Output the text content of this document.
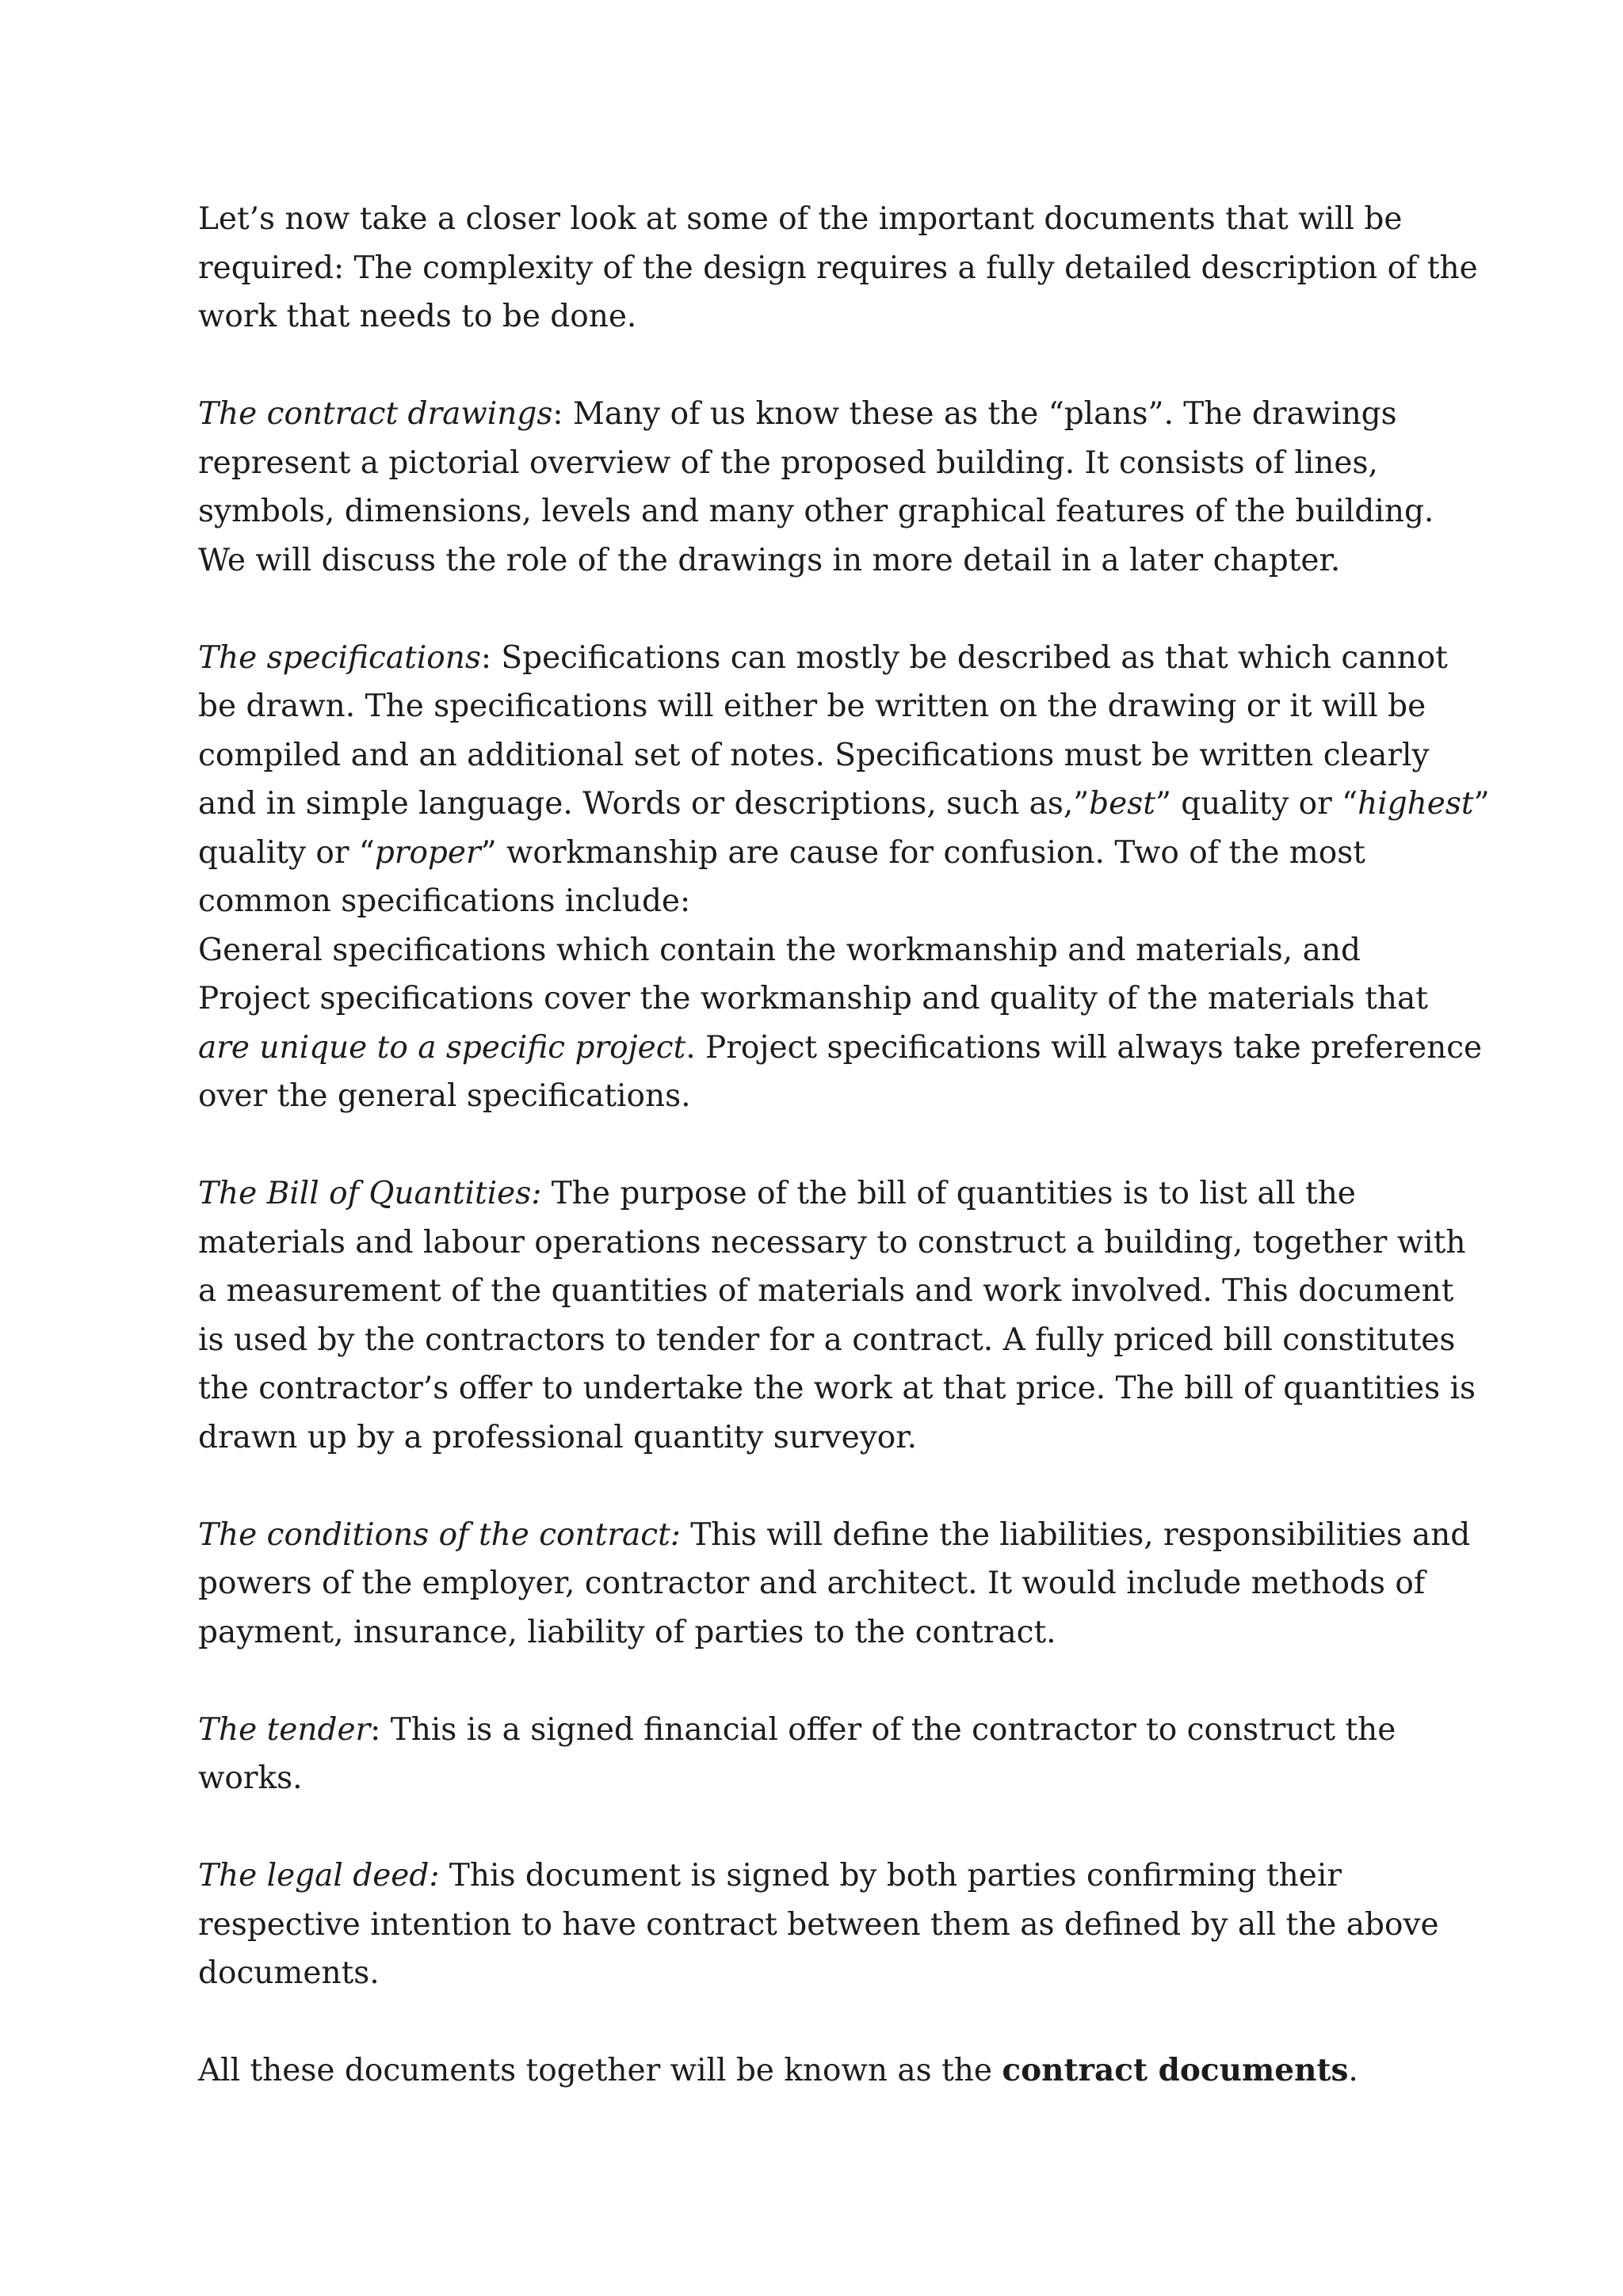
Let’s now take a closer look at some of the important documents that will be
required: The complexity of the design requires a fully detailed description of the
work that needs to be done.

The contract drawings: Many of us know these as the “plans”. The drawings
represent a pictorial overview of the proposed building. It consists of lines,
symbols, dimensions, levels and many other graphical features of the building.
We will discuss the role of the drawings in more detail in a later chapter.

The specifications: Specifications can mostly be described as that which cannot
be drawn. The specifications will either be written on the drawing or it will be
compiled and an additional set of notes. Specifications must be written clearly
and in simple language. Words or descriptions, such as,”best” quality or “highest”
quality or “proper” workmanship are cause for confusion. Two of the most
common specifications include:
General specifications which contain the workmanship and materials, and
Project specifications cover the workmanship and quality of the materials that
are unique to a specific project. Project specifications will always take preference
over the general specifications.

The Bill of Quantities: The purpose of the bill of quantities is to list all the
materials and labour operations necessary to construct a building, together with
a measurement of the quantities of materials and work involved. This document
is used by the contractors to tender for a contract. A fully priced bill constitutes
the contractor’s offer to undertake the work at that price. The bill of quantities is
drawn up by a professional quantity surveyor.

The conditions of the contract: This will define the liabilities, responsibilities and
powers of the employer, contractor and architect. It would include methods of
payment, insurance, liability of parties to the contract.

The tender: This is a signed financial offer of the contractor to construct the
works.

The legal deed: This document is signed by both parties confirming their
respective intention to have contract between them as defined by all the above
documents.

All these documents together will be known as the contract documents.
